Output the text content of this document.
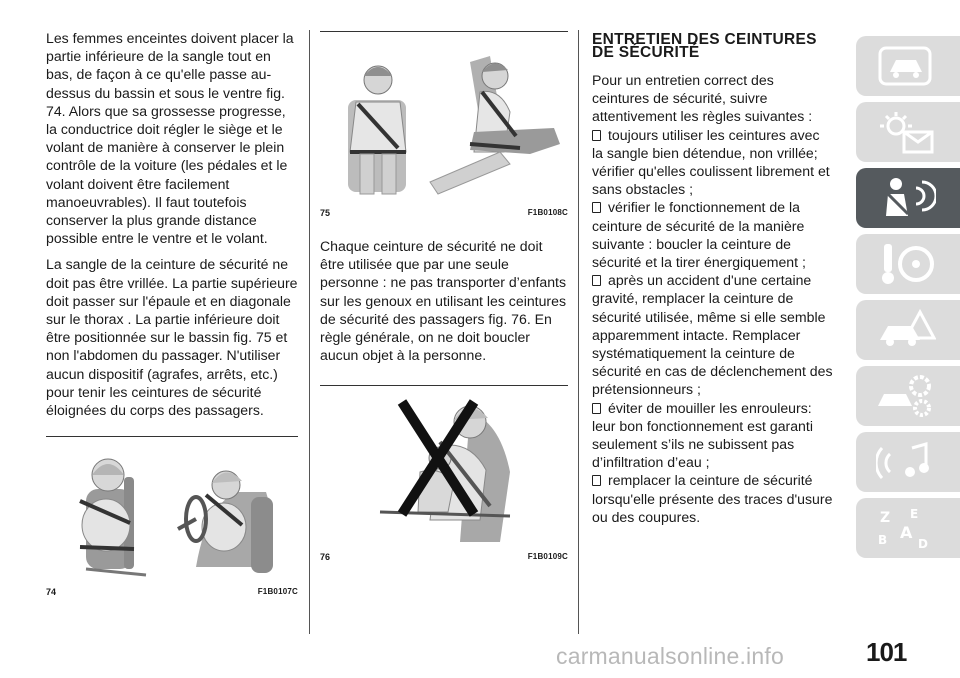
Les femmes enceintes doivent placer la partie inférieure de la sangle tout en bas, de façon à ce qu'elle passe au-dessus du bassin et sous le ventre fig. 74. Alors que sa grossesse progresse, la conductrice doit régler le siège et le volant de manière à conserver le plein contrôle de la voiture (les pédales et le volant doivent être facilement manoeuvrables). Il faut toutefois conserver la plus grande distance possible entre le ventre et le volant.

La sangle de la ceinture de sécurité ne doit pas être vrillée. La partie supérieure doit passer sur l'épaule et en diagonale sur le thorax . La partie inférieure doit être positionnée sur le bassin fig. 75 et non l'abdomen du passager. N'utiliser aucun dispositif (agrafes, arrêts, etc.) pour tenir les ceintures de sécurité éloignées du corps des passagers.

74	F1B0107C
75	F1B0108C

Chaque ceinture de sécurité ne doit être utilisée que par une seule personne : ne pas transporter d’enfants sur les genoux en utilisant les ceintures de sécurité des passagers fig. 76. En règle générale, on ne doit boucler aucun objet à la personne.

76	F1B0109C
ENTRETIEN DES CEINTURES DE SÉCURITÉ

Pour un entretien correct des ceintures de sécurité, suivre attentivement les règles suivantes :

toujours utiliser les ceintures avec la sangle bien détendue, non vrillée; vérifier qu'elles coulissent librement et sans obstacles ;

vérifier le fonctionnement de la ceinture de sécurité de la manière suivante : boucler la ceinture de sécurité et la tirer énergiquement ;

après un accident d'une certaine gravité, remplacer la ceinture de sécurité utilisée, même si elle semble apparemment intacte. Remplacer systématiquement la ceinture de sécurité en cas de déclenchement des prétensionneurs ;

éviter de mouiller les enrouleurs: leur bon fonctionnement est garanti seulement s’ils ne subissent pas d’infiltration d’eau ;

remplacer la ceinture de sécurité lorsqu'elle présente des traces d'usure ou des coupures.	Z E
A
B	D
carmanualsonline.info	101
